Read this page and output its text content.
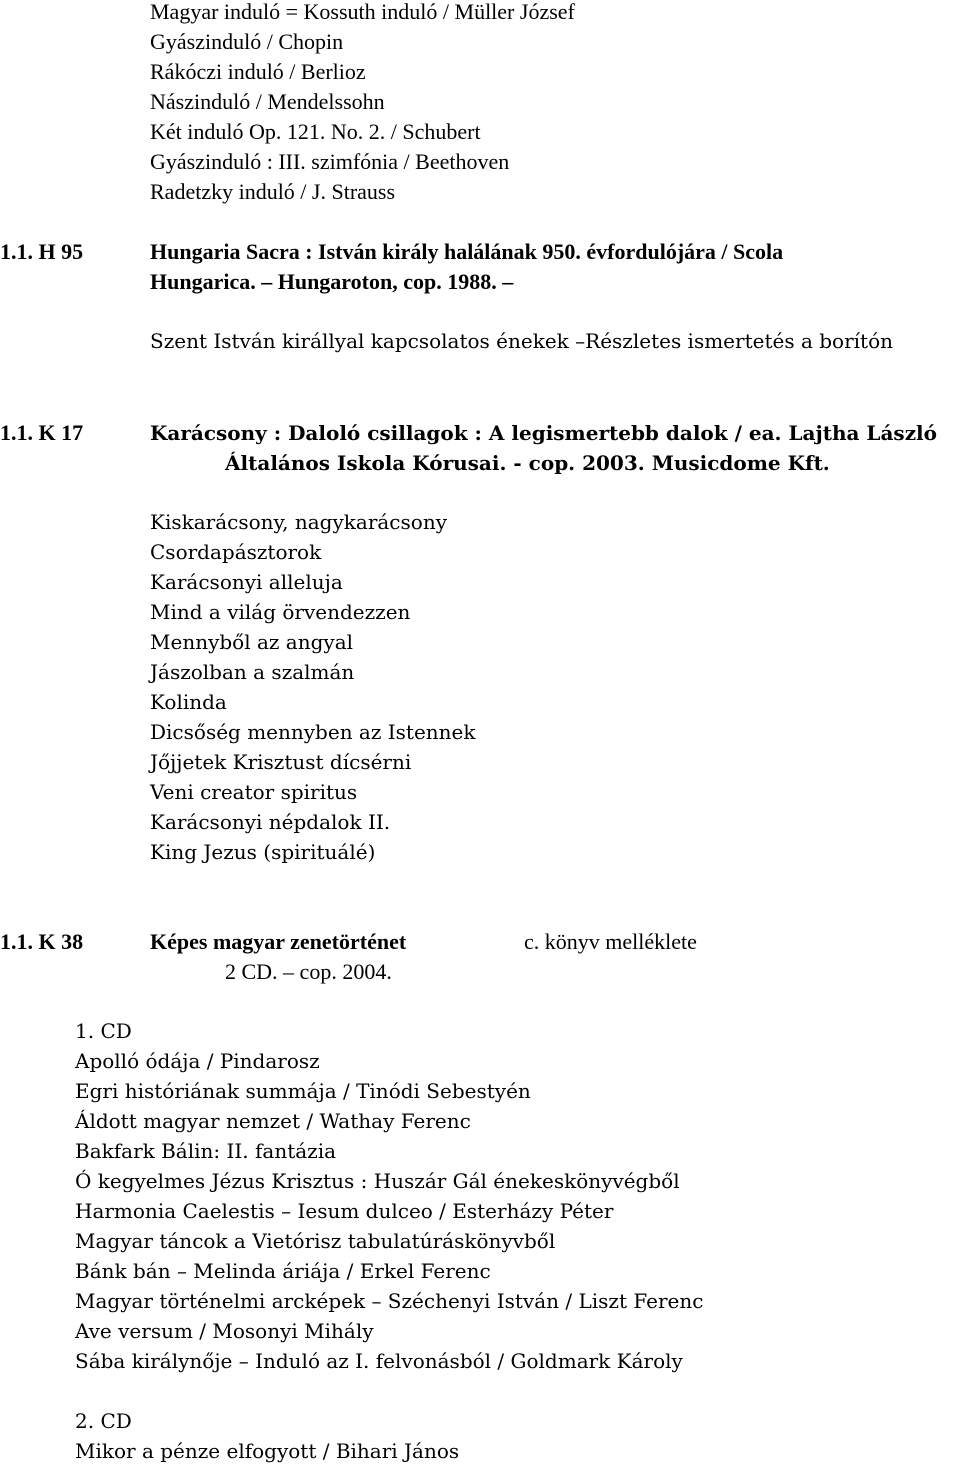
Magyar induló = Kossuth induló / Müller József
Gyászinduló / Chopin
Rákóczi induló / Berlioz
Nászinduló / Mendelssohn
Két induló Op. 121. No. 2. / Schubert
Gyászinduló : III. szimfónia / Beethoven
Radetzky induló / J. Strauss
1.1. H 95	Hungaria Sacra : István király halálának 950. évfordulójára / Scola
Hungarica. – Hungaroton, cop. 1988. –
Szent István királlyal kapcsolatos énekek –Részletes ismertetés a borítón
1.1. K 17	Karácsony : Daloló csillagok : A legismertebb dalok / ea. Lajtha László
Általános Iskola Kórusai. - cop. 2003. Musicdome Kft.
Kiskarácsony, nagykarácsony
Csordapásztorok
Karácsonyi alleluja
Mind a világ örvendezzen
Mennyből az angyal
Jászolban a szalmán
Kolinda
Dicsőség mennyben az Istennek
Jőjjetek Krisztust dícsérni
Veni creator spiritus
Karácsonyi népdalok II.
King Jezus (spirituálé)
1.1. K 38	Képes magyar zenetörténet	c. könyv melléklete
2 CD. – cop. 2004.
1. CD
Apolló ódája / Pindarosz
Egri históriának summája / Tinódi Sebestyén
Áldott magyar nemzet / Wathay Ferenc
Bakfark Bálin: II. fantázia
Ó kegyelmes Jézus Krisztus : Huszár Gál énekeskönyvégből
Harmonia Caelestis – Iesum dulceo / Esterházy Péter
Magyar táncok a Vietórisz tabulatúráskönyvből
Bánk bán – Melinda áriája / Erkel Ferenc
Magyar történelmi arcképek – Széchenyi István / Liszt Ferenc
Ave versum / Mosonyi Mihály
Sába királynője – Induló az I. felvonásból / Goldmark Károly
2. CD
Mikor a pénze elfogyott / Bihari János
